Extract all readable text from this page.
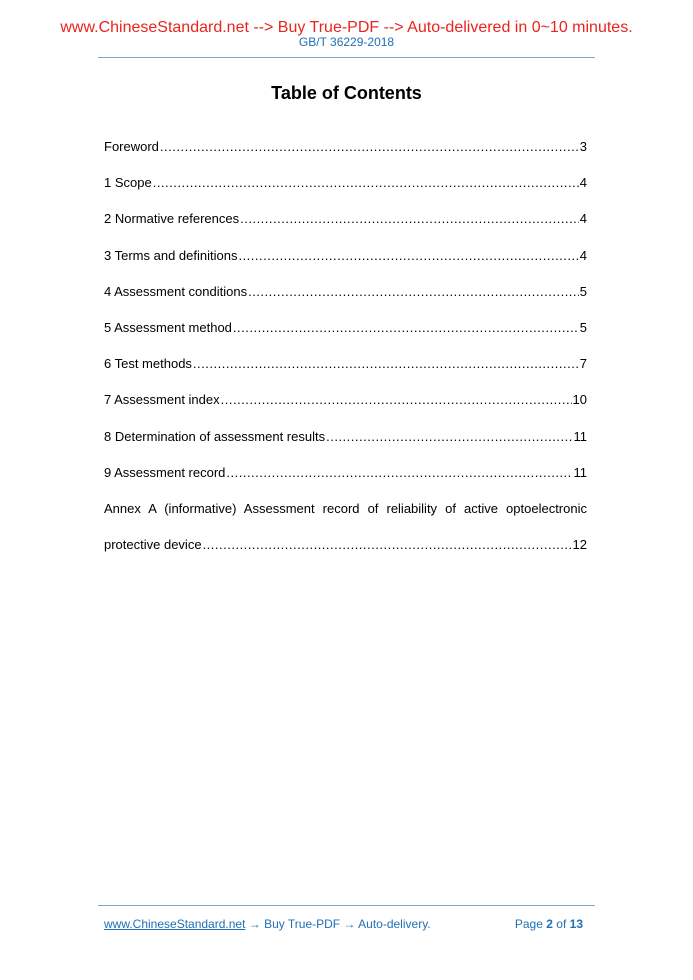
www.ChineseStandard.net --> Buy True-PDF --> Auto-delivered in 0~10 minutes.
GB/T 36229-2018
Table of Contents
Foreword .....	3
1 Scope .....	4
2 Normative references .....	4
3 Terms and definitions .....	4
4 Assessment conditions .....	5
5 Assessment method .....	5
6 Test methods .....	7
7 Assessment index .....	10
8 Determination of assessment results .....	11
9 Assessment record .....	11
Annex A (informative) Assessment record of reliability of active optoelectronic
protective device .....	12
www.ChineseStandard.net → Buy True-PDF → Auto-delivery.	Page 2 of 13
